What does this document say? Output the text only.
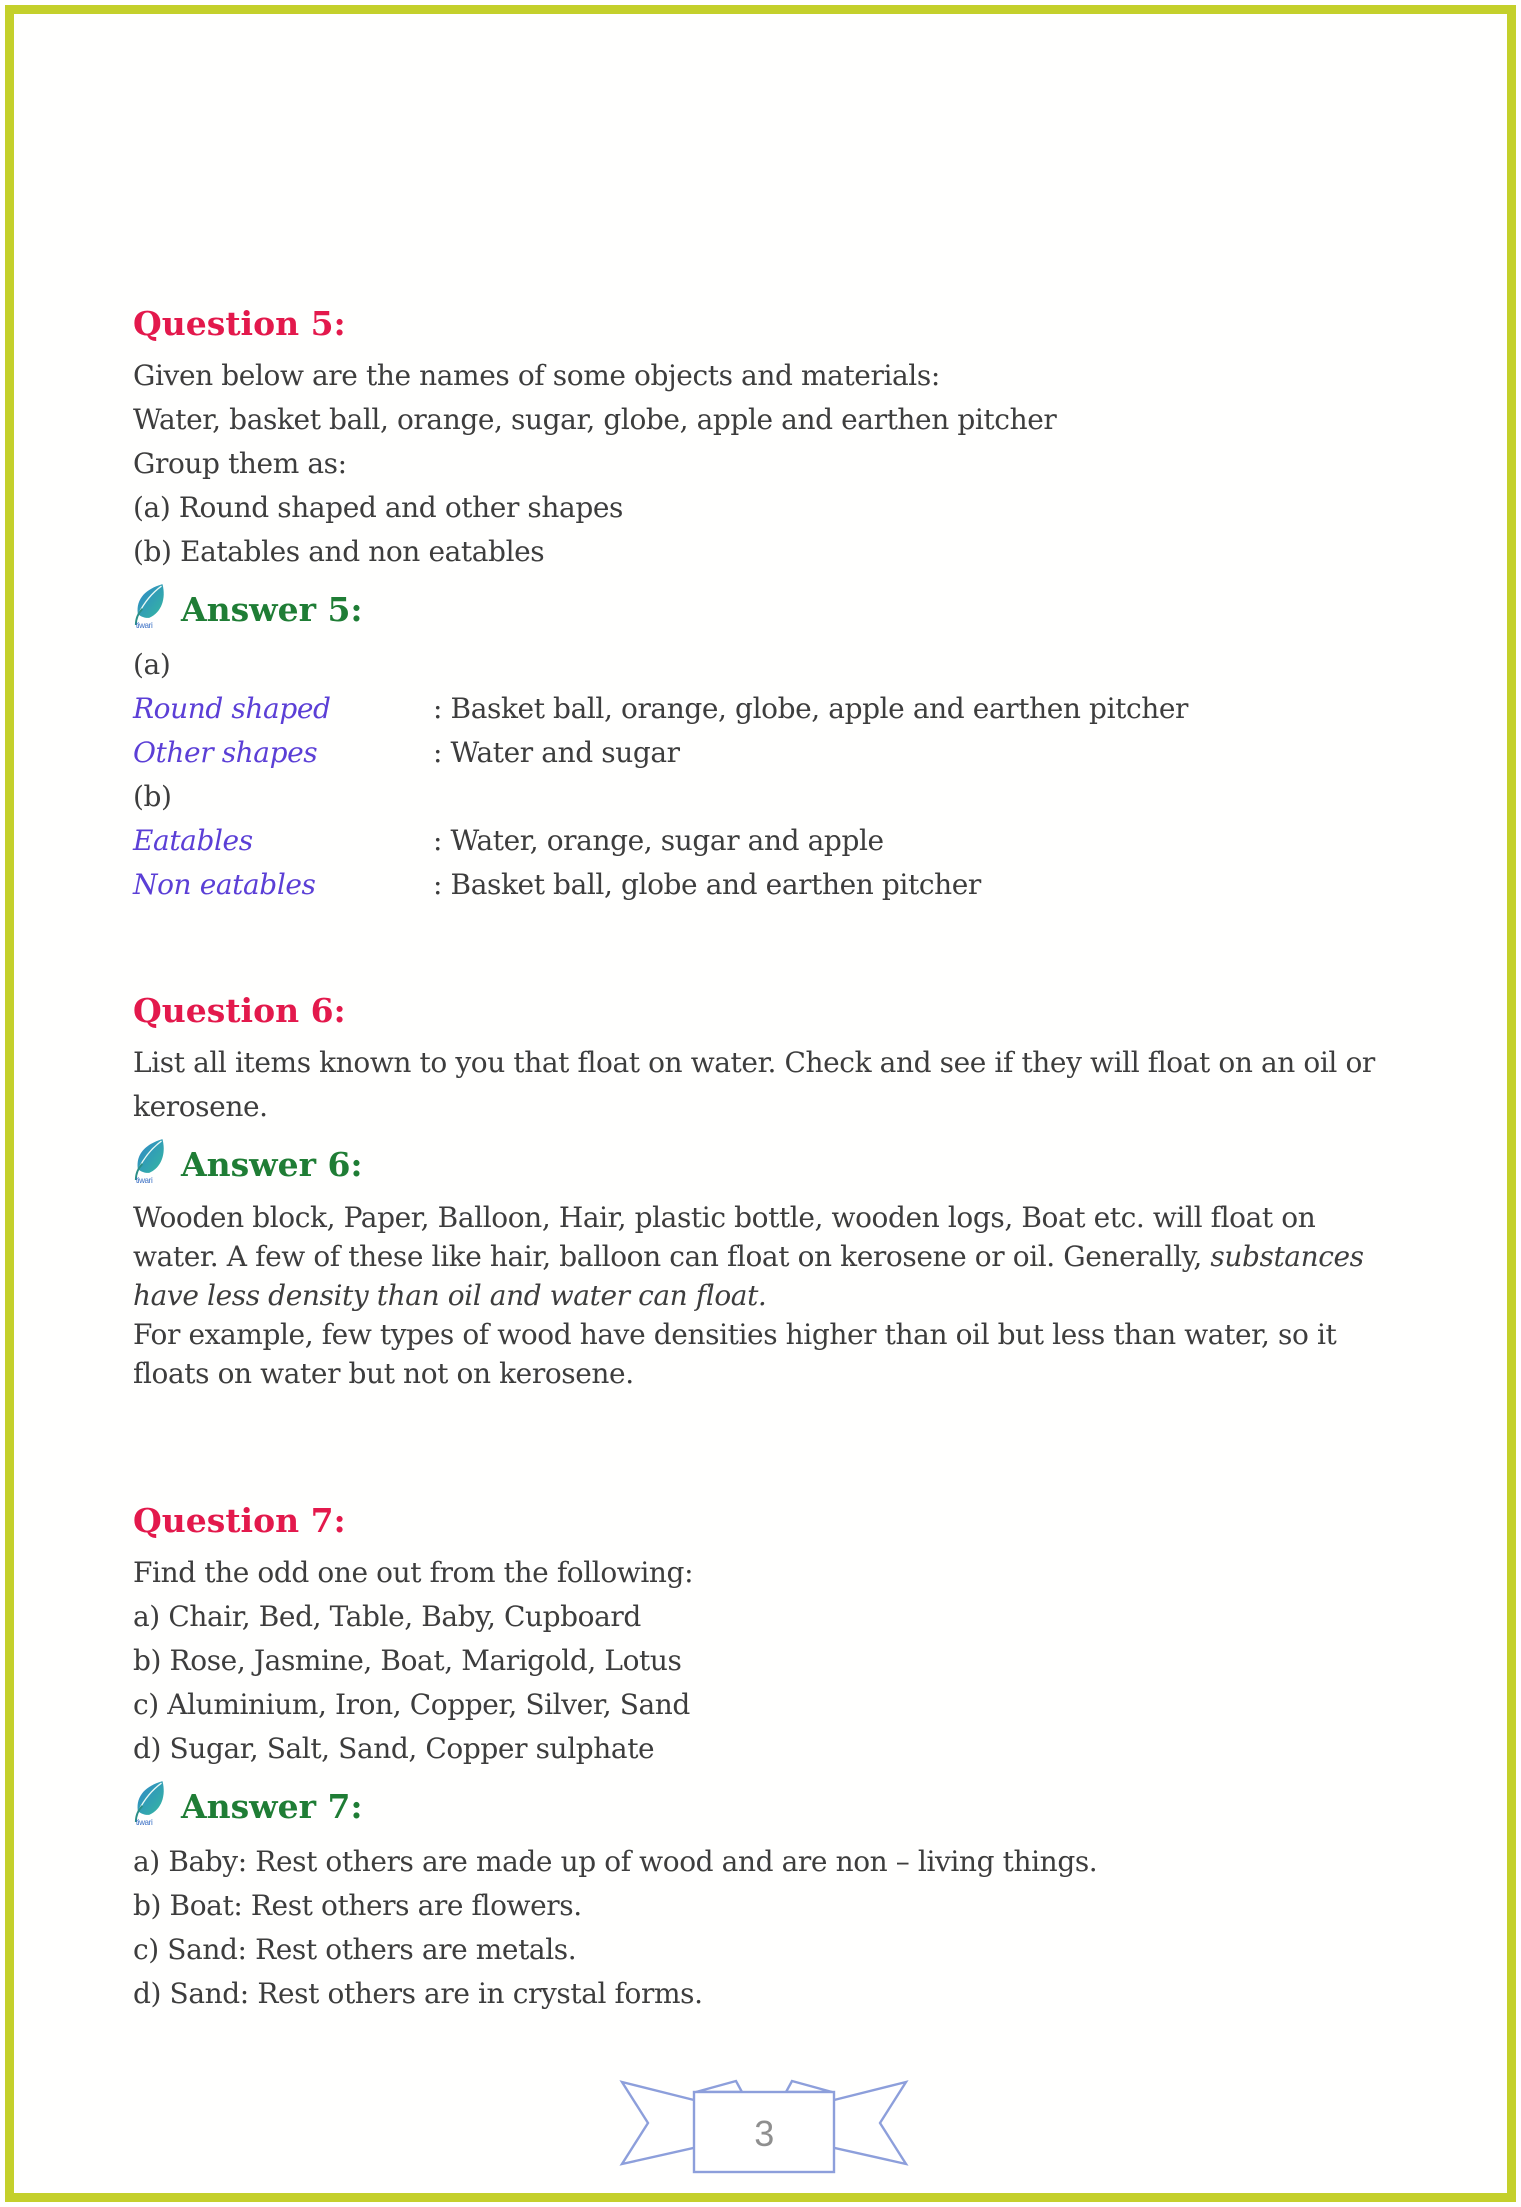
Question 5:
Given below are the names of some objects and materials:
Water, basket ball, orange, sugar, globe, apple and earthen pitcher
Group them as:
(a) Round shaped and other shapes
(b) Eatables and non eatables
tiwari Answer 5:
(a)
Round shaped	: Basket ball, orange, globe, apple and earthen pitcher
Other shapes	: Water and sugar
(b)
Eatables	: Water, orange, sugar and apple
Non eatables	: Basket ball, globe and earthen pitcher
Question 6:
List all items known to you that float on water. Check and see if they will float on an oil or
kerosene.
tiwari Answer 6:
Wooden block, Paper, Balloon, Hair, plastic bottle, wooden logs, Boat etc. will float on
water. A few of these like hair, balloon can float on kerosene or oil. Generally, substances
have less density than oil and water can float.
For example, few types of wood have densities higher than oil but less than water, so it
floats on water but not on kerosene.
Question 7:
Find the odd one out from the following:
a) Chair, Bed, Table, Baby, Cupboard
b) Rose, Jasmine, Boat, Marigold, Lotus
c) Aluminium, Iron, Copper, Silver, Sand
d) Sugar, Salt, Sand, Copper sulphate
tiwari Answer 7:
a) Baby: Rest others are made up of wood and are non – living things.
b) Boat: Rest others are flowers.
c) Sand: Rest others are metals.
d) Sand: Rest others are in crystal forms.
3
